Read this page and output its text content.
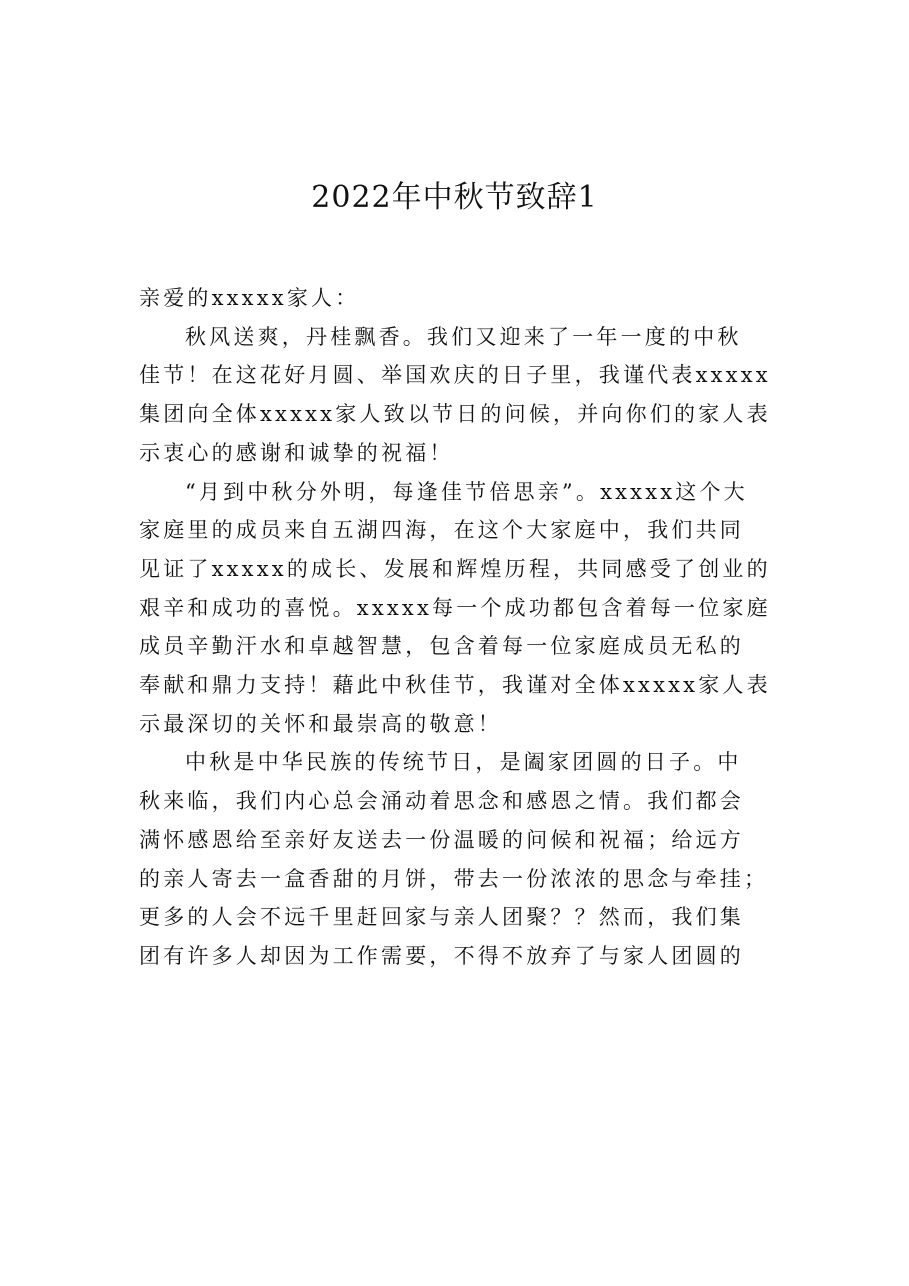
2022年中秋节致辞1
亲爱的xxxxx家人：
秋风送爽，丹桂飘香。我们又迎来了一年一度的中秋
佳节！在这花好月圆、举国欢庆的日子里，我谨代表xxxxx
集团向全体xxxxx家人致以节日的问候，并向你们的家人表
示衷心的感谢和诚挚的祝福！
“月到中秋分外明，每逢佳节倍思亲”。xxxxx这个大
家庭里的成员来自五湖四海，在这个大家庭中，我们共同
见证了xxxxx的成长、发展和辉煌历程，共同感受了创业的
艰辛和成功的喜悦。xxxxx每一个成功都包含着每一位家庭
成员辛勤汗水和卓越智慧，包含着每一位家庭成员无私的
奉献和鼎力支持！藉此中秋佳节，我谨对全体xxxxx家人表
示最深切的关怀和最崇高的敬意！
中秋是中华民族的传统节日，是阖家团圆的日子。中
秋来临，我们内心总会涌动着思念和感恩之情。我们都会
满怀感恩给至亲好友送去一份温暖的问候和祝福；给远方
的亲人寄去一盒香甜的月饼，带去一份浓浓的思念与牵挂；
更多的人会不远千里赶回家与亲人团聚？？然而，我们集
团有许多人却因为工作需要，不得不放弃了与家人团圆的
